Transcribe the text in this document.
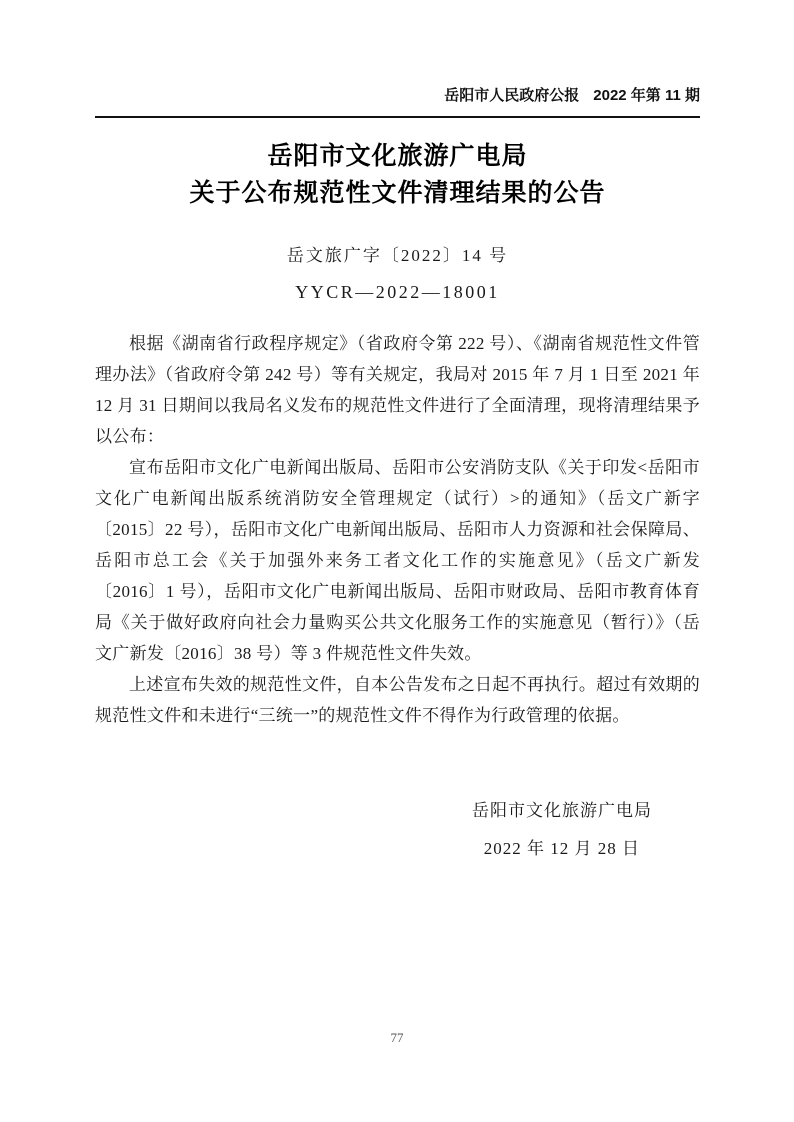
岳阳市人民政府公报 2022 年第 11 期
岳阳市文化旅游广电局
关于公布规范性文件清理结果的公告
岳文旅广字〔2022〕14 号
YYCR—2022—18001

根据《湖南省行政程序规定》（省政府令第 222 号）、《湖南省规范性文件管理办法》（省政府令第 242 号）等有关规定，我局对 2015 年 7 月 1 日至 2021 年 12 月 31 日期间以我局名义发布的规范性文件进行了全面清理，现将清理结果予以公布：

宣布岳阳市文化广电新闻出版局、岳阳市公安消防支队《关于印发<岳阳市文化广电新闻出版系统消防安全管理规定（试行）>的通知》（岳文广新字〔2015〕22 号），岳阳市文化广电新闻出版局、岳阳市人力资源和社会保障局、岳阳市总工会《关于加强外来务工者文化工作的实施意见》（岳文广新发〔2016〕1 号），岳阳市文化广电新闻出版局、岳阳市财政局、岳阳市教育体育局《关于做好政府向社会力量购买公共文化服务工作的实施意见（暂行）》（岳文广新发〔2016〕38 号）等 3 件规范性文件失效。

上述宣布失效的规范性文件，自本公告发布之日起不再执行。超过有效期的规范性文件和未进行“三统一”的规范性文件不得作为行政管理的依据。

岳阳市文化旅游广电局
2022 年 12 月 28 日
77
